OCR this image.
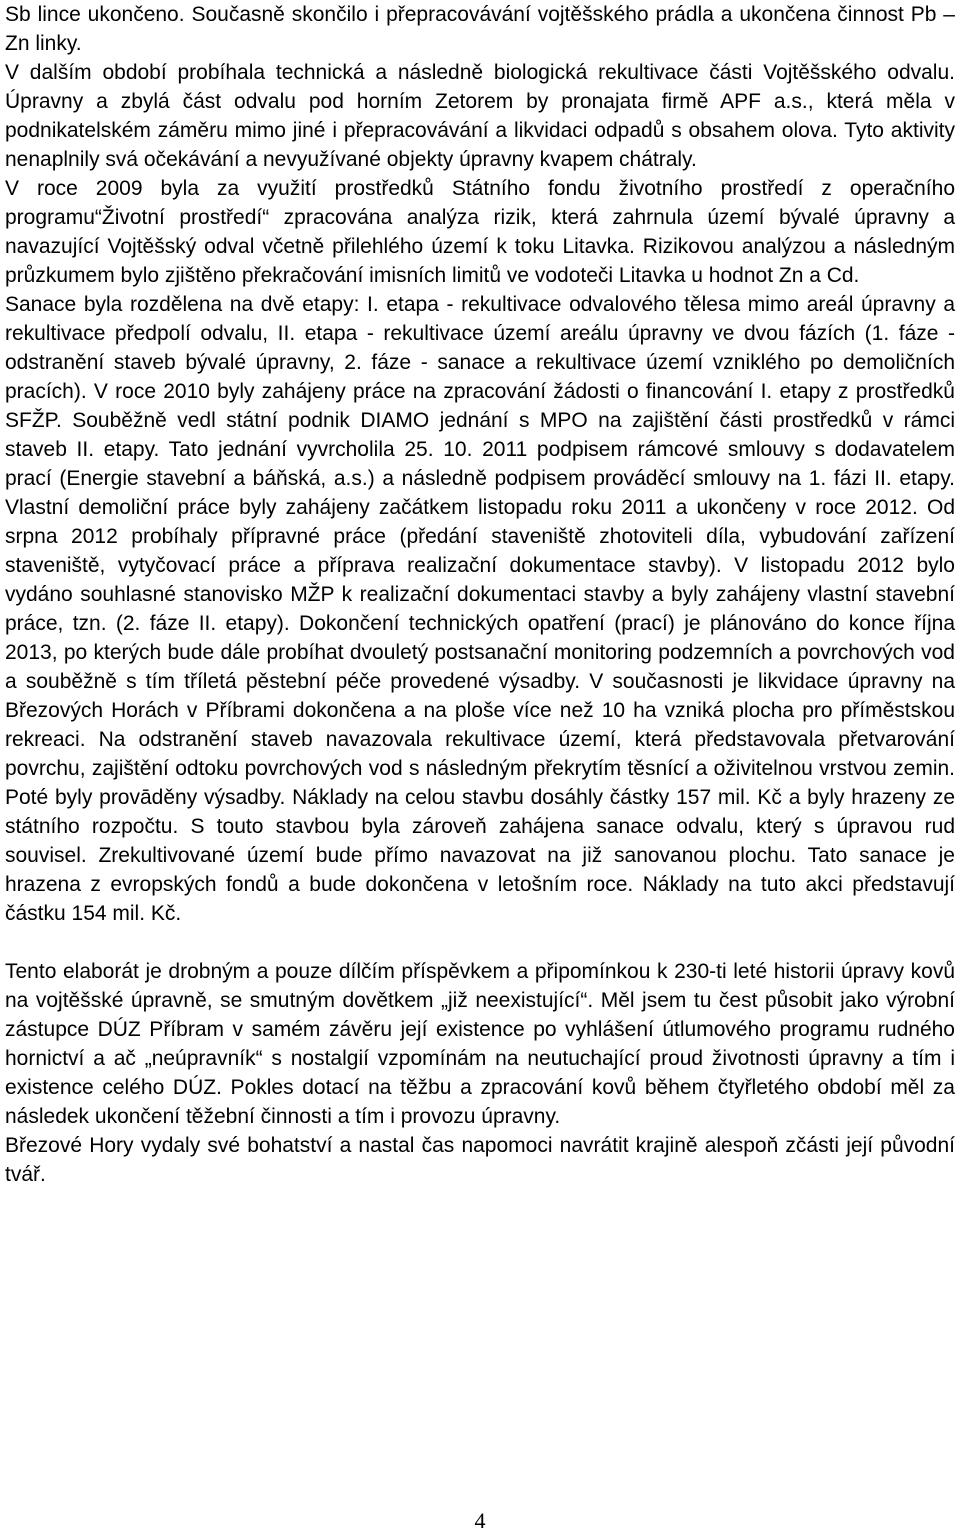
Sb lince ukončeno. Současně skončilo i přepracovávání vojtěšského prádla a ukončena činnost Pb – Zn linky.

V dalším období probíhala technická a následně biologická rekultivace části Vojtěšského odvalu. Úpravny a zbylá část odvalu pod horním Zetorem by pronajata firmě APF a.s., která měla v podnikatelském záměru mimo jiné i přepracovávání a likvidaci odpadů s obsahem olova. Tyto aktivity nenaplnily svá očekávání a nevyužívané objekty úpravny kvapem chátraly.

V roce 2009 byla za využití prostředků Státního fondu životního prostředí z operačního programu“Životní prostředí“ zpracována analýza rizik, která zahrnula území bývalé úpravny a navazující Vojtěšský odval včetně přilehlého území k toku Litavka. Rizikovou analýzou a následným průzkumem bylo zjištěno překračování imisních limitů ve vodoteči Litavka u hodnot Zn a Cd.

Sanace byla rozdělena na dvě etapy: I. etapa - rekultivace odvalového tělesa mimo areál úpravny a rekultivace předpolí odvalu, II. etapa - rekultivace území areálu úpravny ve dvou fázích (1. fáze - odstranění staveb bývalé úpravny, 2. fáze - sanace a rekultivace území vzniklého po demoličních pracích). V roce 2010 byly zahájeny práce na zpracování žádosti o financování I. etapy z prostředků SFŽP. Souběžně vedl státní podnik DIAMO jednání s MPO na zajištění části prostředků v rámci staveb II. etapy. Tato jednání vyvrcholila 25. 10. 2011 podpisem rámcové smlouvy s dodavatelem prací (Energie stavební a báňská, a.s.) a následně podpisem prováděcí smlouvy na 1. fázi II. etapy. Vlastní demoliční práce byly zahájeny začátkem listopadu roku 2011 a ukončeny v roce 2012. Od srpna 2012 probíhaly přípravné práce (předání staveniště zhotoviteli díla, vybudování zařízení staveniště, vytyčovací práce a příprava realizační dokumentace stavby). V listopadu 2012 bylo vydáno souhlasné stanovisko MŽP k realizační dokumentaci stavby a byly zahájeny vlastní stavební práce, tzn. (2. fáze II. etapy). Dokončení technických opatření (prací) je plánováno do konce října 2013, po kterých bude dále probíhat dvouletý postsanační monitoring podzemních a povrchových vod a souběžně s tím tříletá pěstební péče provedené výsadby. V současnosti je likvidace úpravny na Březových Horách v Příbrami dokončena a na ploše více než 10 ha vzniká plocha pro příměstskou rekreaci. Na odstranění staveb navazovala rekultivace území, která představovala přetvarování povrchu, zajištění odtoku povrchových vod s následným překrytím těsnící a oživitelnou vrstvou zemin. Poté byly provāděny výsadby. Náklady na celou stavbu dosáhly částky 157 mil. Kč a byly hrazeny ze státního rozpočtu. S touto stavbou byla zároveň zahájena sanace odvalu, který s úpravou rud souvisel. Zrekultivované území bude přímo navazovat na již sanovanou plochu. Tato sanace je hrazena z evropských fondů a bude dokončena v letošním roce. Náklady na tuto akci představují částku 154 mil. Kč.

Tento elaborát je drobným a pouze dílčím příspěvkem a připomínkou k 230-ti leté historii úpravy kovů na vojtěšské úpravně, se smutným dovětkem „již neexistující“. Měl jsem tu čest působit jako výrobní zástupce DÚZ Příbram v samém závěru její existence po vyhlášení útlumového programu rudného hornictví a ač „neúpravník“ s nostalgií vzpomínám na neutuchající proud životnosti úpravny a tím i existence celého DÚZ. Pokles dotací na těžbu a zpracování kovů během čtyřletého období měl za následek ukončení těžební činnosti a tím i provozu úpravny.

Březové Hory vydaly své bohatství a nastal čas napomoci navrátit krajině alespoň zčásti její původní tvář.

4
